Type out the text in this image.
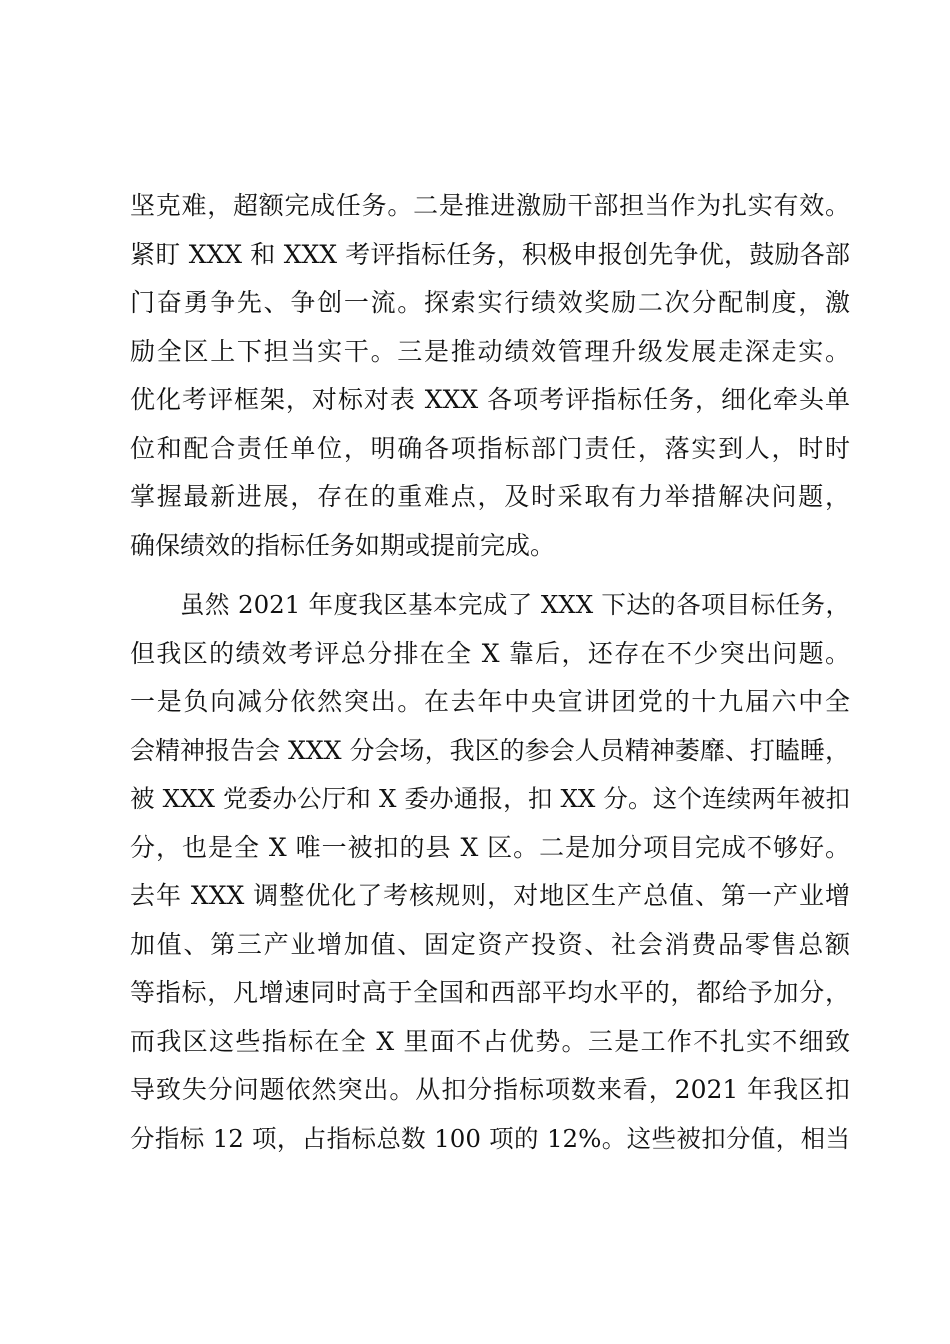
坚克难，超额完成任务。二是推进激励干部担当作为扎实有效。
紧盯 XXX 和 XXX 考评指标任务，积极申报创先争优，鼓励各部
门奋勇争先、争创一流。探索实行绩效奖励二次分配制度，激
励全区上下担当实干。三是推动绩效管理升级发展走深走实。
优化考评框架，对标对表 XXX 各项考评指标任务，细化牵头单
位和配合责任单位，明确各项指标部门责任，落实到人，时时
掌握最新进展，存在的重难点，及时采取有力举措解决问题，
确保绩效的指标任务如期或提前完成。
虽然 2021 年度我区基本完成了 XXX 下达的各项目标任务，
但我区的绩效考评总分排在全 X 靠后，还存在不少突出问题。
一是负向减分依然突出。在去年中央宣讲团党的十九届六中全
会精神报告会 XXX 分会场，我区的参会人员精神萎靡、打瞌睡，
被 XXX 党委办公厅和 X 委办通报，扣 XX 分。这个连续两年被扣
分，也是全 X 唯一被扣的县 X 区。二是加分项目完成不够好。
去年 XXX 调整优化了考核规则，对地区生产总值、第一产业增
加值、第三产业增加值、固定资产投资、社会消费品零售总额
等指标，凡增速同时高于全国和西部平均水平的，都给予加分，
而我区这些指标在全 X 里面不占优势。三是工作不扎实不细致
导致失分问题依然突出。从扣分指标项数来看，2021 年我区扣
分指标 12 项，占指标总数 100 项的 12%。这些被扣分值，相当
